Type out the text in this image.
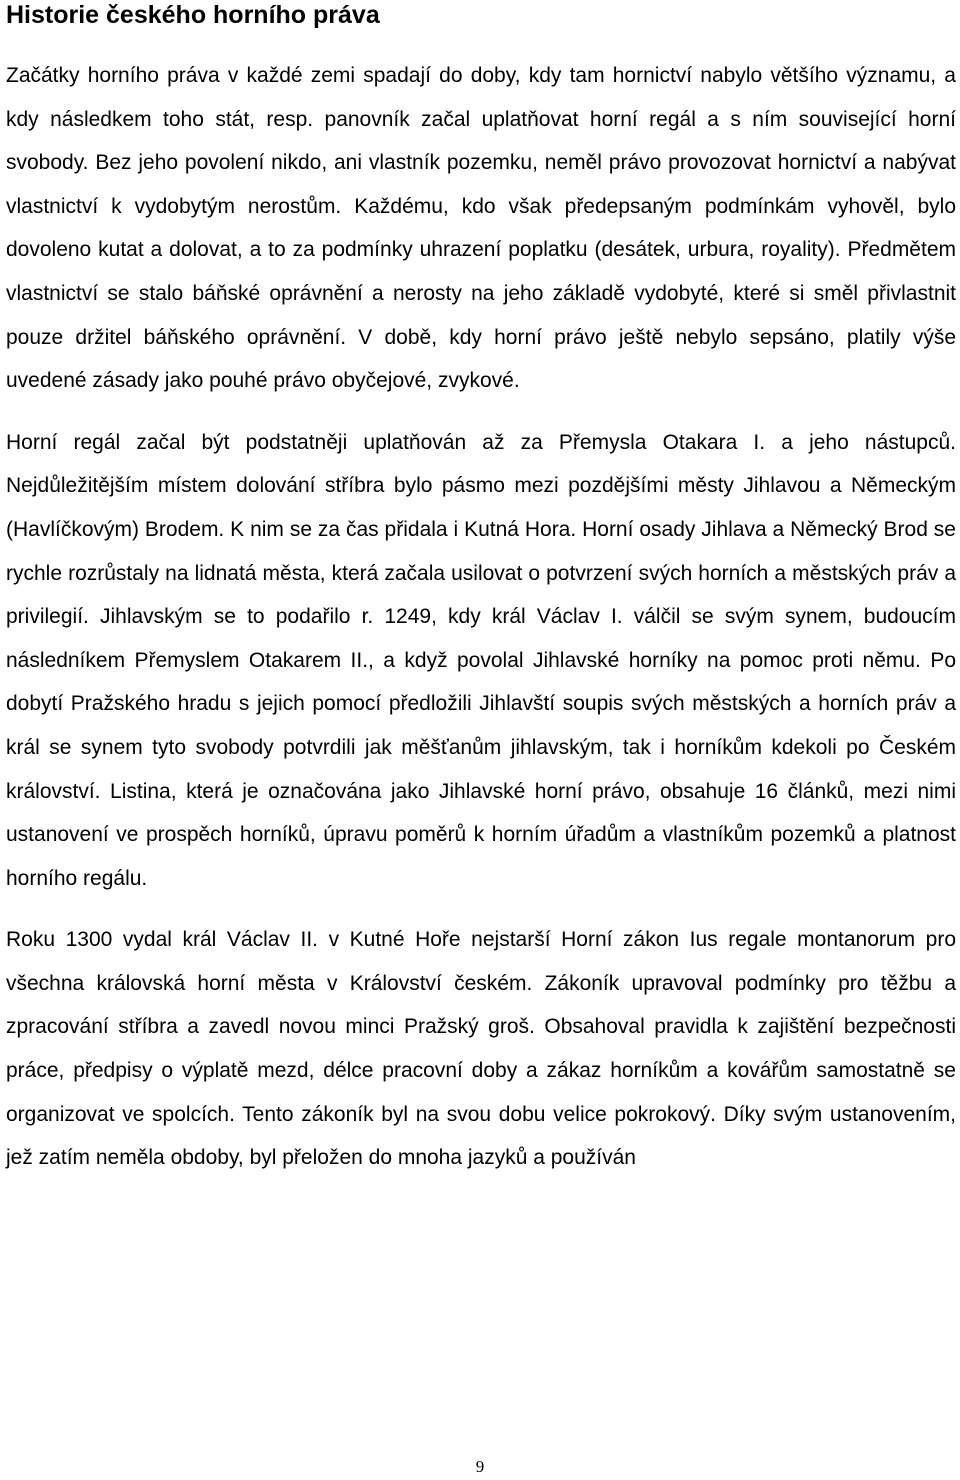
Historie českého horního práva

Začátky horního práva v každé zemi spadají do doby, kdy tam hornictví nabylo většího významu, a kdy následkem toho stát, resp. panovník začal uplatňovat horní regál a s ním související horní svobody. Bez jeho povolení nikdo, ani vlastník pozemku, neměl právo provozovat hornictví a nabývat vlastnictví k vydobytým nerostům. Každému, kdo však předepsaným podmínkám vyhověl, bylo dovoleno kutat a dolovat, a to za podmínky uhrazení poplatku (desátek, urbura, royality). Předmětem vlastnictví se stalo báňské oprávnění a nerosty na jeho základě vydobyté, které si směl přivlastnit pouze držitel báňského oprávnění. V době, kdy horní právo ještě nebylo sepsáno, platily výše uvedené zásady jako pouhé právo obyčejové, zvykové.

Horní regál začal být podstatněji uplatňován až za Přemysla Otakara I. a jeho nástupců. Nejdůležitějším místem dolování stříbra bylo pásmo mezi pozdějšími městy Jihlavou a Německým (Havlíčkovým) Brodem. K nim se za čas přidala i Kutná Hora. Horní osady Jihlava a Německý Brod se rychle rozrůstaly na lidnatá města, která začala usilovat o potvrzení svých horních a městských práv a privilegií. Jihlavským se to podařilo r. 1249, kdy král Václav I. válčil se svým synem, budoucím následníkem Přemyslem Otakarem II., a když povolal Jihlavské horníky na pomoc proti němu. Po dobytí Pražského hradu s jejich pomocí předložili Jihlavští soupis svých městských a horních práv a král se synem tyto svobody potvrdili jak měšťanům jihlavským, tak i horníkům kdekoli po Českém království. Listina, která je označována jako Jihlavské horní právo, obsahuje 16 článků, mezi nimi ustanovení ve prospěch horníků, úpravu poměrů k horním úřadům a vlastníkům pozemků a platnost horního regálu.

Roku 1300 vydal král Václav II. v Kutné Hoře nejstarší Horní zákon Ius regale montanorum pro všechna královská horní města v Království českém. Zákoník upravoval podmínky pro těžbu a zpracování stříbra a zavedl novou minci Pražský groš. Obsahoval pravidla k zajištění bezpečnosti práce, předpisy o výplatě mezd, délce pracovní doby a zákaz horníkům a kovářům samostatně se organizovat ve spolcích. Tento zákoník byl na svou dobu velice pokrokový. Díky svým ustanovením, jež zatím neměla obdoby, byl přeložen do mnoha jazyků a používán

9
